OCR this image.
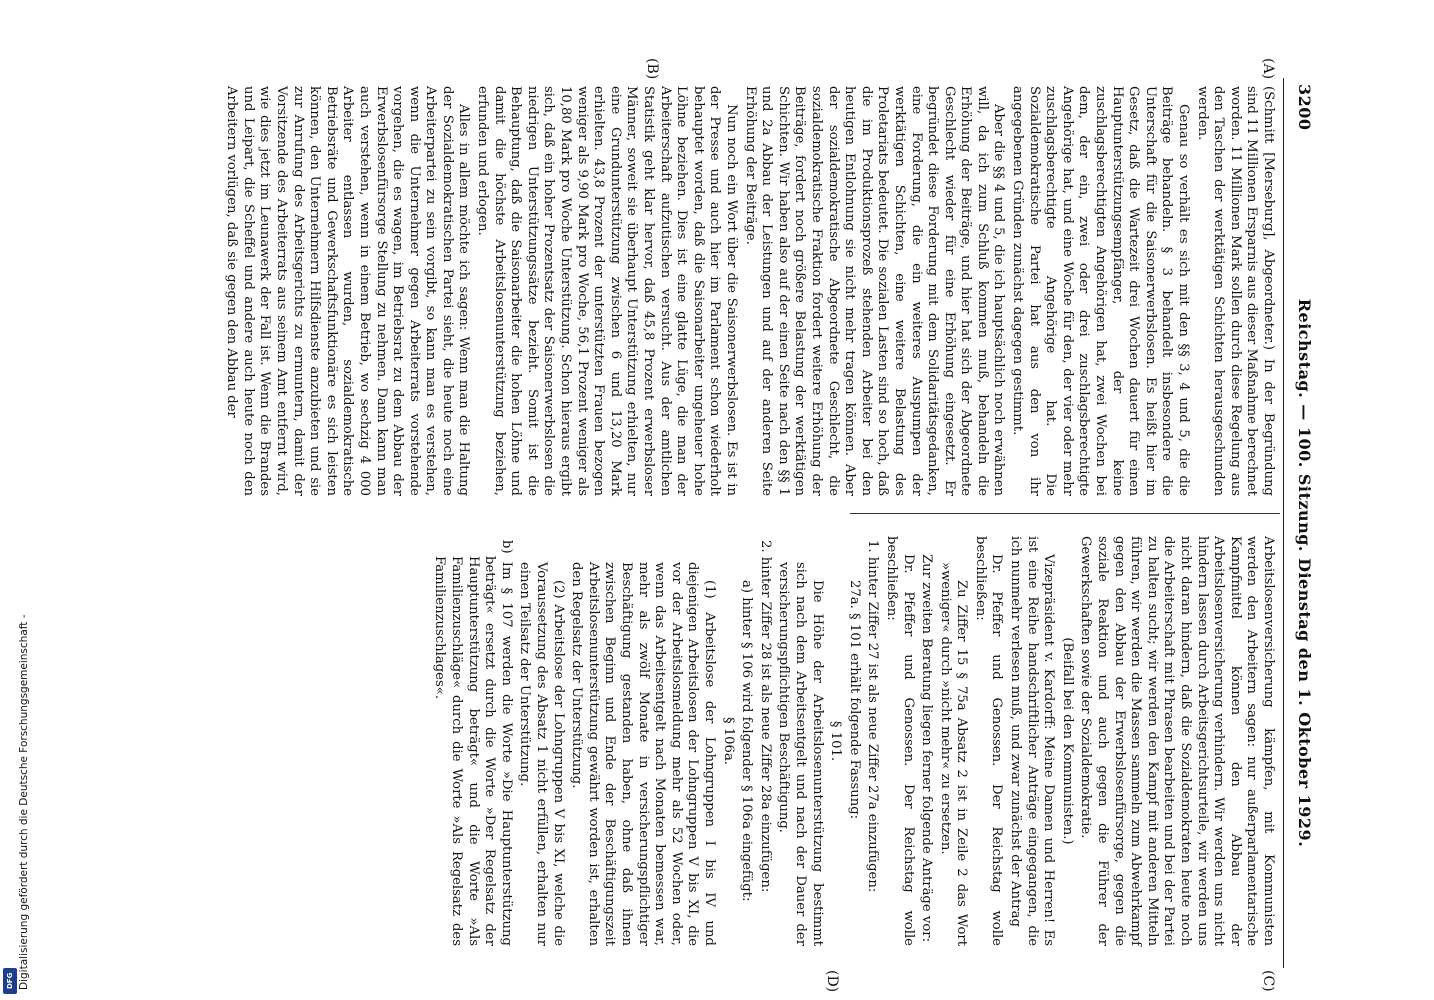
3200
Reichstag. — 100. Sitzung. Dienstag den 1. Oktober 1929.
(A)
(B)
(C)
(D)

(Schmitt [Merseburg], Abgeordneter.) In der Begründung sind 11 Millionen Ersparnis aus dieser Maßnahme berechnet worden. 11 Millionen Mark sollen durch diese Regelung aus den Taschen der werktätigen Schichten herausgeschunden werden.

Genau so verhält es sich mit den §§ 3, 4 und 5, die die Beiträge behandeln. § 3 behandelt insbesondere die Unterschaft für die Saisonerwerbslosen. Es heißt hier im Gesetz, daß die Wartezeit drei Wochen dauert für einen Hauptunterstützungsempfänger, der keine zuschlagsberechtigten Angehörigen hat, zwei Wochen bei dem, der ein, zwei oder drei zuschlagsberechtigte Angehörige hat, und eine Woche für den, der vier oder mehr zuschlagsberechtigte Angehörige hat. Die Sozialdemokratische Partei hat aus den von ihr angegebenen Gründen zunächst dagegen gestimmt.

Aber die §§ 4 und 5, die ich hauptsächlich noch erwähnen will, da ich zum Schluß kommen muß, behandeln die Erhöhung der Beiträge, und hier hat sich der Abgeordnete Geschlecht wieder für eine Erhöhung eingesetzt. Er begründet diese Forderung mit dem Solidaritätsgedanken, eine Forderung, die ein weiteres Auspumpen der werktätigen Schichten, eine weitere Belastung des Proletariats bedeutet. Die sozialen Lasten sind so hoch, daß die im Produktionsprozeß stehenden Arbeiter bei den heutigen Entlohnung sie nicht mehr tragen können. Aber der sozialdemokratische Abgeordnete Geschlecht, die sozialdemokratische Fraktion fordert weitere Erhöhung der Beiträge, fordert noch größere Belastung der werktätigen Schichten. Wir haben also auf der einen Seite nach den §§ 1 und 2a Abbau der Leistungen und auf der anderen Seite Erhöhung der Beiträge.

Nun noch ein Wort über die Saisonerwerbslosen. Es ist in der Presse und auch hier im Parlament schon wiederholt behauptet worden, daß die Saisonarbeiter ungeheuer hohe Löhne beziehen. Dies ist eine glatte Lüge, die man der Arbeiterschaft aufzutischen versucht. Aus der amtlichen Statistik geht klar hervor, daß 45,8 Prozent erwerbsloser Männer, soweit sie überhaupt Unterstützung erhielten, nur eine Grundunterstützung zwischen 6 und 13,20 Mark erhielten. 43,8 Prozent der unterstützten Frauen bezogen weniger als 9,90 Mark pro Woche, 56,1 Prozent weniger als 10,80 Mark pro Woche Unterstützung. Schon hieraus ergibt sich, daß ein hoher Prozentsatz der Saisonerwerbslosen die niedrigen Unterstützungssätze bezieht. Somit ist die Behauptung, daß die Saisonarbeiter die hohen Löhne und damit die höchste Arbeitslosenunterstützung beziehen, erfunden und erlogen.

Alles in allem möchte ich sagen: Wenn man die Haltung der Sozialdemokratischen Partei sieht, die heute noch eine Arbeiterpartei zu sein vorgibt, so kann man es verstehen, wenn die Unternehmer gegen Arbeiterrats vorstehende vorgehen, die es wagen, im Betriebsrat zu dem Abbau der Erwerbslosenfürsorge Stellung zu nehmen. Dann kann man auch verstehen, wenn in einem Betrieb, wo sechzig 4 000 Arbeiter entlassen wurden, sozialdemokratische Betriebsräte und Gewerkschaftsfunktionäre es sich leisten können, den Unternehmern Hilfsdienste anzubieten und sie zur Anrufung des Arbeitsgerichts zu ermuntern, damit der Vorsitzende des Arbeiterrats aus seinem Amt entfernt wird, wie dies jetzt im Leunawerk der Fall ist. Wenn die Brandes und Leipart, die Scheffel und andere auch heute noch den Arbeitern vorlügen, daß sie gegen den Abbau der

Arbeitslosenversicherung kämpfen, mit Kommunisten werden den Arbeitern sagen: nur außerparlamentarische Kampfmittel können den Abbau der Arbeitslosenversicherung verhindern. Wir werden uns nicht hindern lassen durch Arbeitsgerichtsurteile, wir werden uns nicht daran hindern, daß die Sozialdemokraten heute noch die Arbeiterschaft mit Phrasen bearbeiten und bei der Partei zu halten sucht; wir werden den Kampf mit anderen Mitteln führen, wir werden die Massen sammeln zum Abwehrkampf gegen den Abbau der Erwerbslosenfürsorge, gegen die soziale Reaktion und auch gegen die Führer der Gewerkschaften sowie der Sozialdemokratie.

(Beifall bei den Kommunisten.)

Vizepräsident v. Kardorff: Meine Damen und Herren! Es ist eine Reihe handschriftlicher Anträge eingegangen, die ich nunmehr verlesen muß, und zwar zunächst der Antrag

Dr. Pfeffer und Genossen. Der Reichstag wolle beschließen:

Zu Ziffer 15 § 75a Absatz 2 ist in Zeile 2 das Wort »weniger« durch »nicht mehr« zu ersetzen.

Zur zweiten Beratung liegen ferner folgende Anträge vor:

Dr. Pfeffer und Genossen. Der Reichstag wolle beschließen:

1. hinter Ziffer 27 ist als neue Ziffer 27a einzufügen:

27a. § 101 erhält folgende Fassung:

§ 101.

Die Höhe der Arbeitslosenunterstützung bestimmt sich nach dem Arbeitsentgelt und nach der Dauer der versicherungspflichtigen Beschäftigung.

2. hinter Ziffer 28 ist als neue Ziffer 28a einzufügen:

a) hinter § 106 wird folgender § 106a eingefügt:

§ 106a.

(1) Arbeitslose der Lohngruppen I bis IV und diejenigen Arbeitslosen der Lohngruppen V bis XI, die vor der Arbeitslosmeldung mehr als 52 Wochen oder, wenn das Arbeitsentgelt nach Monaten bemessen war, mehr als zwölf Monate in versicherungspflichtiger Beschäftigung gestanden haben, ohne daß ihnen zwischen Beginn und Ende der Beschäftigungszeit Arbeitslosenunterstützung gewährt worden ist, erhalten den Regelsatz der Unterstützung.

(2) Arbeitslose der Lohngruppen V bis XI, welche die Voraussetzung des Absatz 1 nicht erfüllen, erhalten nur einen Teilsatz der Unterstützung.

b) Im § 107 werden die Worte »Die Hauptunterstützung beträgt« ersetzt durch die Worte »Der Regelsatz der Hauptunterstützung beträgt« und die Worte »Als Familienzuschläge« durch die Worte »Als Regelsatz des Familienzuschlages«.

Digitalisierung gefördert durch die Deutsche Forschungsgemeinschaft -
DFG
